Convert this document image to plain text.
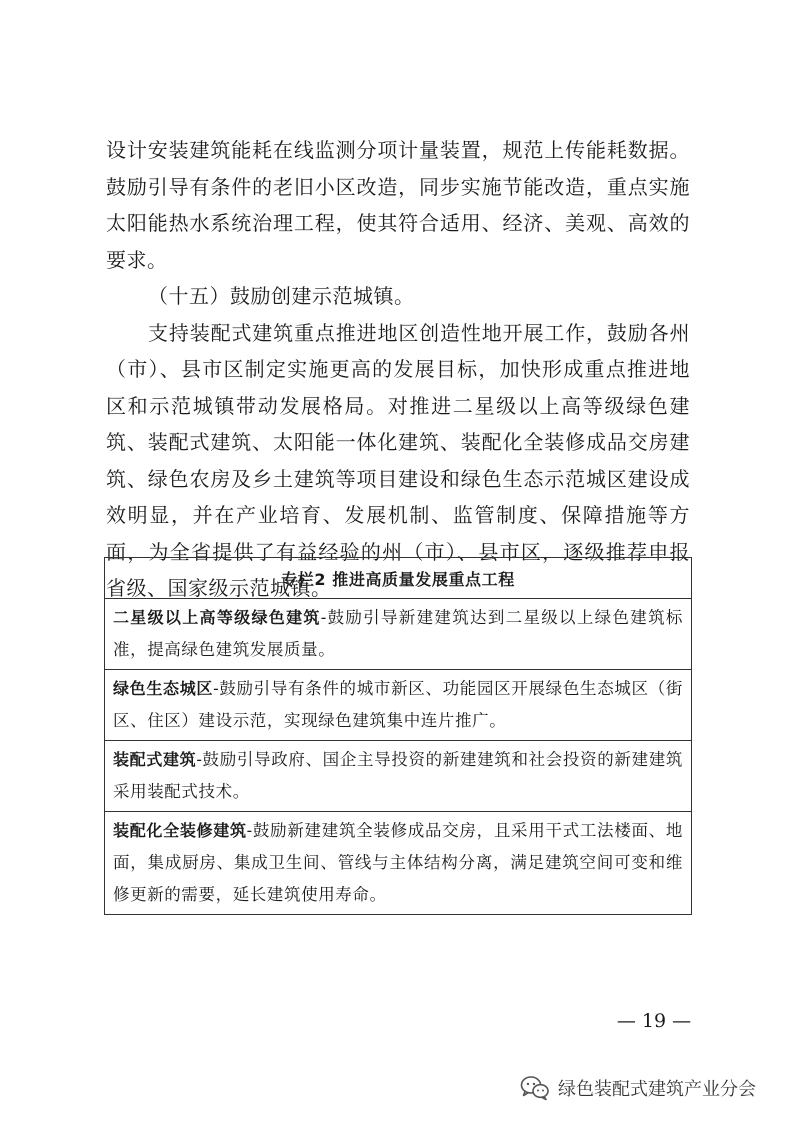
设计安装建筑能耗在线监测分项计量装置，规范上传能耗数据。鼓励引导有条件的老旧小区改造，同步实施节能改造，重点实施太阳能热水系统治理工程，使其符合适用、经济、美观、高效的要求。

（十五）鼓励创建示范城镇。

支持装配式建筑重点推进地区创造性地开展工作，鼓励各州（市）、县市区制定实施更高的发展目标，加快形成重点推进地区和示范城镇带动发展格局。对推进二星级以上高等级绿色建筑、装配式建筑、太阳能一体化建筑、装配化全装修成品交房建筑、绿色农房及乡土建筑等项目建设和绿色生态示范城区建设成效明显，并在产业培育、发展机制、监管制度、保障措施等方面，为全省提供了有益经验的州（市）、县市区，逐级推荐申报省级、国家级示范城镇。

专栏2 推进高质量发展重点工程
二星级以上高等级绿色建筑-鼓励引导新建建筑达到二星级以上绿色建筑标准，提高绿色建筑发展质量。
绿色生态城区-鼓励引导有条件的城市新区、功能园区开展绿色生态城区（街区、住区）建设示范，实现绿色建筑集中连片推广。
装配式建筑-鼓励引导政府、国企主导投资的新建建筑和社会投资的新建建筑采用装配式技术。
装配化全装修建筑-鼓励新建建筑全装修成品交房，且采用干式工法楼面、地面，集成厨房、集成卫生间、管线与主体结构分离，满足建筑空间可变和维修更新的需要，延长建筑使用寿命。
— 19 —
绿色装配式建筑产业分会
